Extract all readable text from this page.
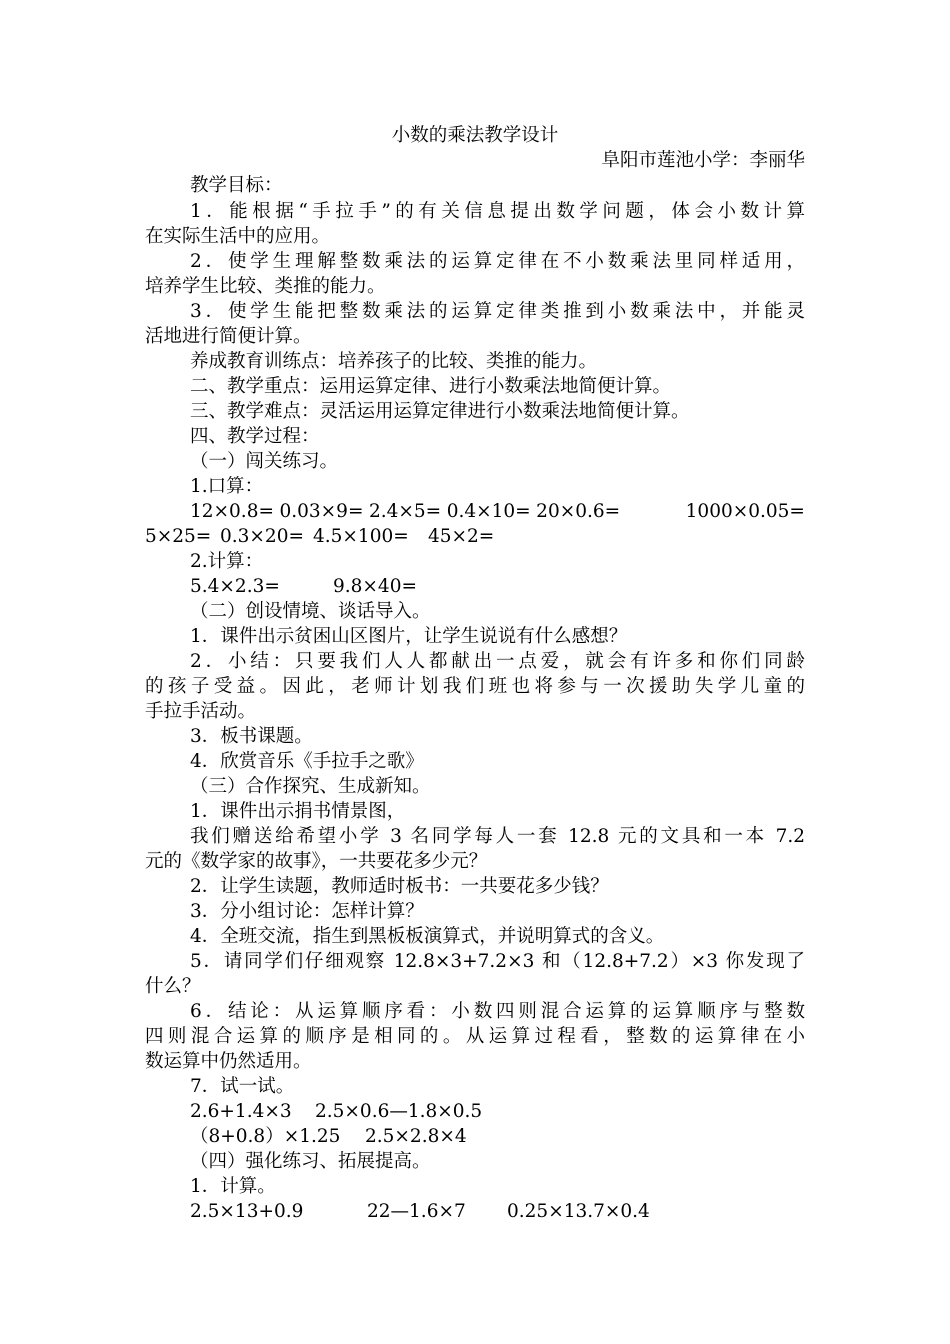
小数的乘法教学设计
阜阳市莲池小学：李丽华
教学目标：
1．能根据“手拉手”的有关信息提出数学问题，体会小数计算
在实际生活中的应用。
2．使学生理解整数乘法的运算定律在不小数乘法里同样适用，
培养学生比较、类推的能力。
3．使学生能把整数乘法的运算定律类推到小数乘法中，并能灵
活地进行简便计算。
养成教育训练点：培养孩子的比较、类推的能力。
二、教学重点：运用运算定律、进行小数乘法地简便计算。
三、教学难点：灵活运用运算定律进行小数乘法地简便计算。
四、教学过程：
（一）闯关练习。
1.口算：
12×0.8= 0.03×9= 2.4×5= 0.4×10= 20×0.6=	1000×0.05=
5×25= 0.3×20= 4.5×100=	45×2=
2.计算：
5.4×2.3=	9.8×40=
（二）创设情境、谈话导入。
1．课件出示贫困山区图片，让学生说说有什么感想？
2．小结：只要我们人人都献出一点爱，就会有许多和你们同龄
的孩子受益。因此，老师计划我们班也将参与一次援助失学儿童的
手拉手活动。
3．板书课题。
4．欣赏音乐《手拉手之歌》
（三）合作探究、生成新知。
1．课件出示捐书情景图，
我们赠送给希望小学 3 名同学每人一套 12.8 元的文具和一本 7.2
元的《数学家的故事》，一共要花多少元？
2．让学生读题，教师适时板书：一共要花多少钱？
3．分小组讨论：怎样计算？
4．全班交流，指生到黑板板演算式，并说明算式的含义。
5．请同学们仔细观察 12.8×3+7.2×3 和（12.8+7.2）×3 你发现了
什么？
6．结论：从运算顺序看：小数四则混合运算的运算顺序与整数
四则混合运算的顺序是相同的。从运算过程看，整数的运算律在小
数运算中仍然适用。
7．试一试。
2.6+1.4×3	2.5×0.6—1.8×0.5
（8+0.8）×1.25	2.5×2.8×4
（四）强化练习、拓展提高。
1．计算。
2.5×13+0.9	22—1.6×7	0.25×13.7×0.4
